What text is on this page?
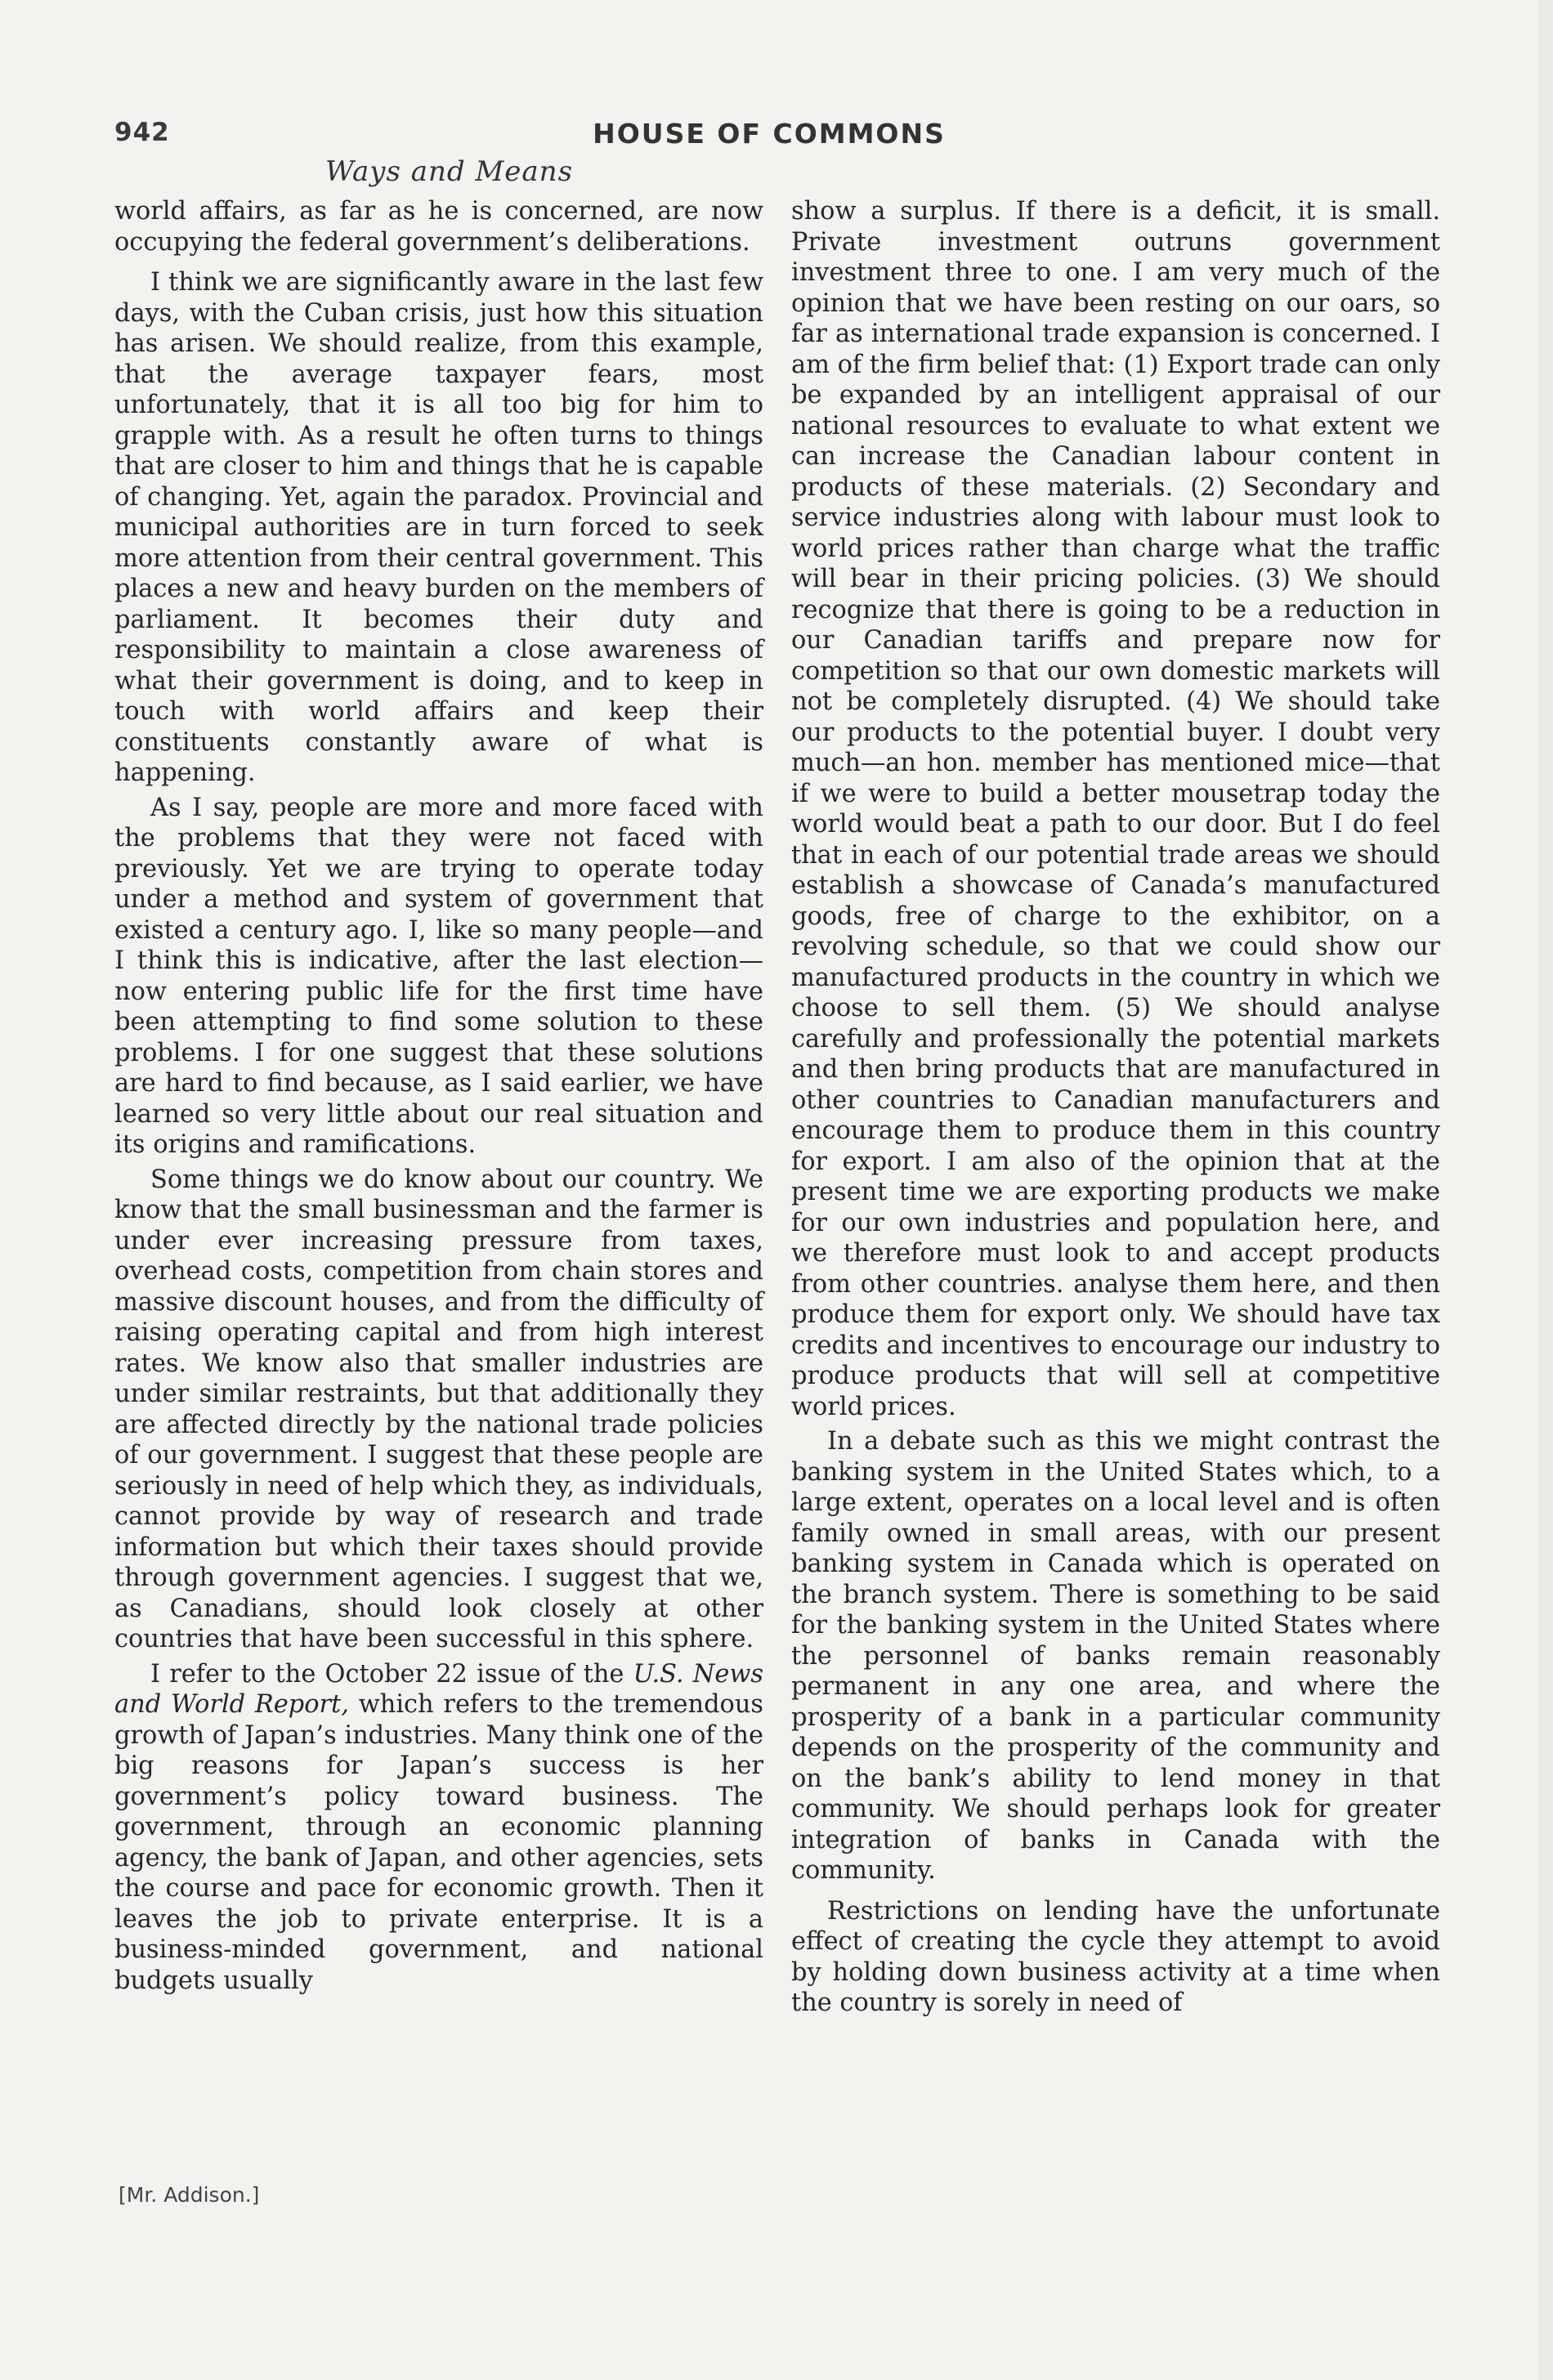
942	HOUSE OF COMMONS
Ways and Means

world affairs, as far as he is concerned, are now occupying the federal government’s deliberations.

I think we are significantly aware in the last few days, with the Cuban crisis, just how this situation has arisen. We should realize, from this example, that the average taxpayer fears, most unfortunately, that it is all too big for him to grapple with. As a result he often turns to things that are closer to him and things that he is capable of changing. Yet, again the paradox. Provincial and municipal authorities are in turn forced to seek more attention from their central government. This places a new and heavy burden on the members of parliament. It becomes their duty and responsibility to maintain a close awareness of what their government is doing, and to keep in touch with world affairs and keep their constituents constantly aware of what is happening.

As I say, people are more and more faced with the problems that they were not faced with previously. Yet we are trying to operate today under a method and system of government that existed a century ago. I, like so many people—and I think this is indicative, after the last election—now entering public life for the first time have been attempting to find some solution to these problems. I for one suggest that these solutions are hard to find because, as I said earlier, we have learned so very little about our real situation and its origins and ramifications.

Some things we do know about our country. We know that the small businessman and the farmer is under ever increasing pressure from taxes, overhead costs, competition from chain stores and massive discount houses, and from the difficulty of raising operating capital and from high interest rates. We know also that smaller industries are under similar restraints, but that additionally they are affected directly by the national trade policies of our government. I suggest that these people are seriously in need of help which they, as individuals, cannot provide by way of research and trade information but which their taxes should provide through government agencies. I suggest that we, as Canadians, should look closely at other countries that have been successful in this sphere.

I refer to the October 22 issue of the U.S. News and World Report, which refers to the tremendous growth of Japan’s industries. Many think one of the big reasons for Japan’s success is her government’s policy toward business. The government, through an economic planning agency, the bank of Japan, and other agencies, sets the course and pace for economic growth. Then it leaves the job to private enterprise. It is a business-minded government, and national budgets usually

show a surplus. If there is a deficit, it is small. Private investment outruns government investment three to one. I am very much of the opinion that we have been resting on our oars, so far as international trade expansion is concerned. I am of the firm belief that: (1) Export trade can only be expanded by an intelligent appraisal of our national resources to evaluate to what extent we can increase the Canadian labour content in products of these materials. (2) Secondary and service industries along with labour must look to world prices rather than charge what the traffic will bear in their pricing policies. (3) We should recognize that there is going to be a reduction in our Canadian tariffs and prepare now for competition so that our own domestic markets will not be completely disrupted. (4) We should take our products to the potential buyer. I doubt very much—an hon. member has mentioned mice—that if we were to build a better mousetrap today the world would beat a path to our door. But I do feel that in each of our potential trade areas we should establish a showcase of Canada’s manufactured goods, free of charge to the exhibitor, on a revolving schedule, so that we could show our manufactured products in the country in which we choose to sell them. (5) We should analyse carefully and professionally the potential markets and then bring products that are manufactured in other countries to Canadian manufacturers and encourage them to produce them in this country for export. I am also of the opinion that at the present time we are exporting products we make for our own industries and population here, and we therefore must look to and accept products from other countries. analyse them here, and then produce them for export only. We should have tax credits and incentives to encourage our industry to produce products that will sell at competitive world prices.

In a debate such as this we might contrast the banking system in the United States which, to a large extent, operates on a local level and is often family owned in small areas, with our present banking system in Canada which is operated on the branch system. There is something to be said for the banking system in the United States where the personnel of banks remain reasonably permanent in any one area, and where the prosperity of a bank in a particular community depends on the prosperity of the community and on the bank’s ability to lend money in that community. We should perhaps look for greater integration of banks in Canada with the community.

Restrictions on lending have the unfortunate effect of creating the cycle they attempt to avoid by holding down business activity at a time when the country is sorely in need of

[Mr. Addison.]
